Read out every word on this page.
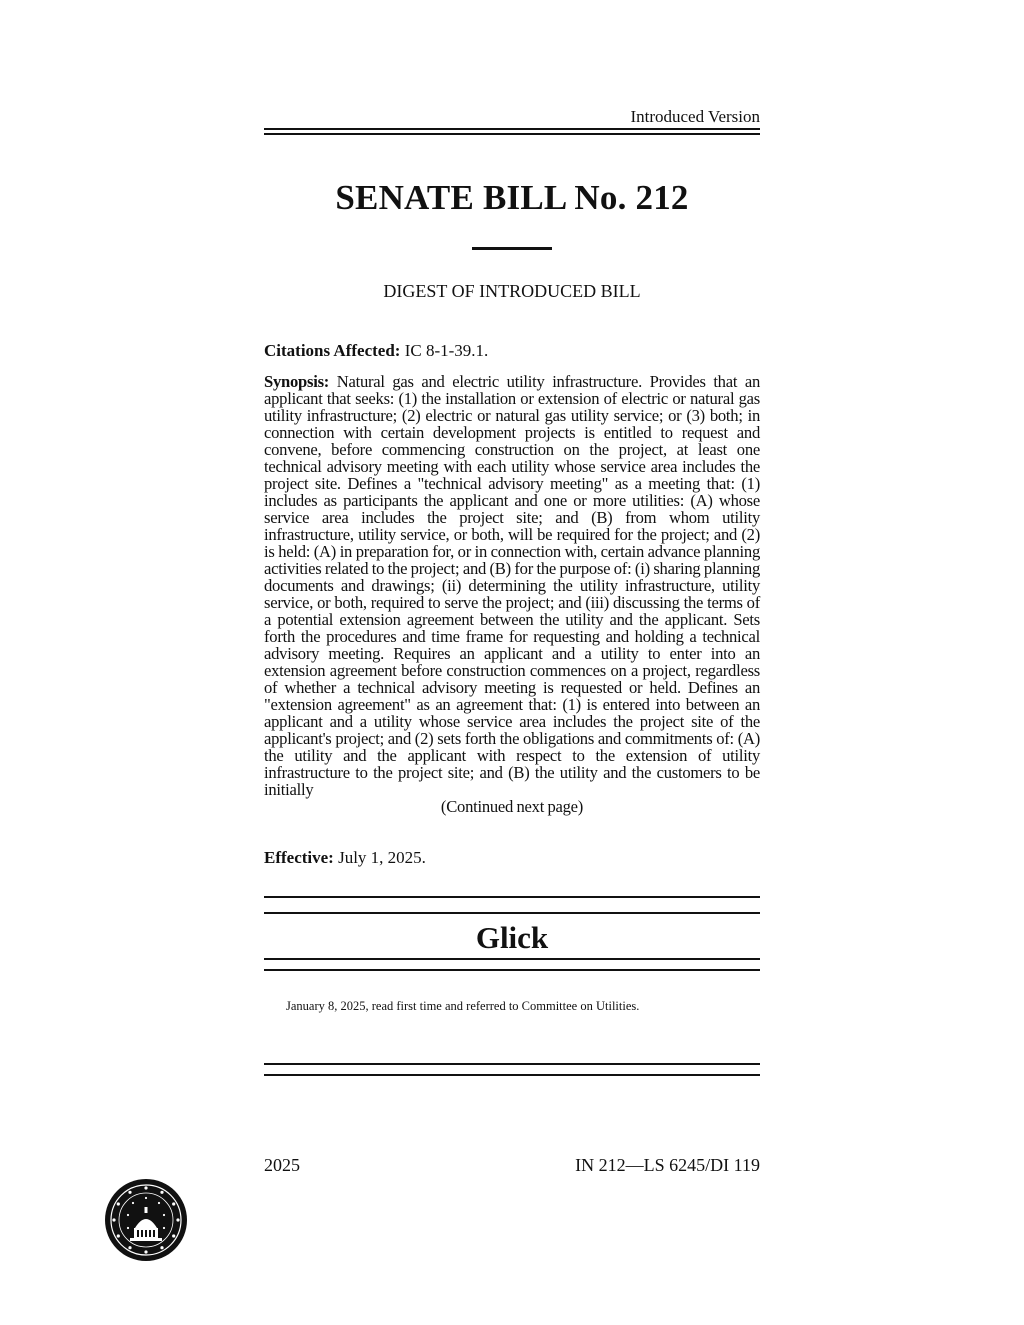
Introduced Version
SENATE BILL No. 212
DIGEST OF INTRODUCED BILL
Citations Affected: IC 8-1-39.1.
Synopsis: Natural gas and electric utility infrastructure. Provides that an applicant that seeks: (1) the installation or extension of electric or natural gas utility infrastructure; (2) electric or natural gas utility service; or (3) both; in connection with certain development projects is entitled to request and convene, before commencing construction on the project, at least one technical advisory meeting with each utility whose service area includes the project site. Defines a "technical advisory meeting" as a meeting that: (1) includes as participants the applicant and one or more utilities: (A) whose service area includes the project site; and (B) from whom utility infrastructure, utility service, or both, will be required for the project; and (2) is held: (A) in preparation for, or in connection with, certain advance planning activities related to the project; and (B) for the purpose of: (i) sharing planning documents and drawings; (ii) determining the utility infrastructure, utility service, or both, required to serve the project; and (iii) discussing the terms of a potential extension agreement between the utility and the applicant. Sets forth the procedures and time frame for requesting and holding a technical advisory meeting. Requires an applicant and a utility to enter into an extension agreement before construction commences on a project, regardless of whether a technical advisory meeting is requested or held. Defines an "extension agreement" as an agreement that: (1) is entered into between an applicant and a utility whose service area includes the project site of the applicant's project; and (2) sets forth the obligations and commitments of: (A) the utility and the applicant with respect to the extension of utility infrastructure to the project site; and (B) the utility and the customers to be initially
(Continued next page)
Effective: July 1, 2025.
Glick
January 8, 2025, read first time and referred to Committee on Utilities.
2025	IN 212—LS 6245/DI 119
